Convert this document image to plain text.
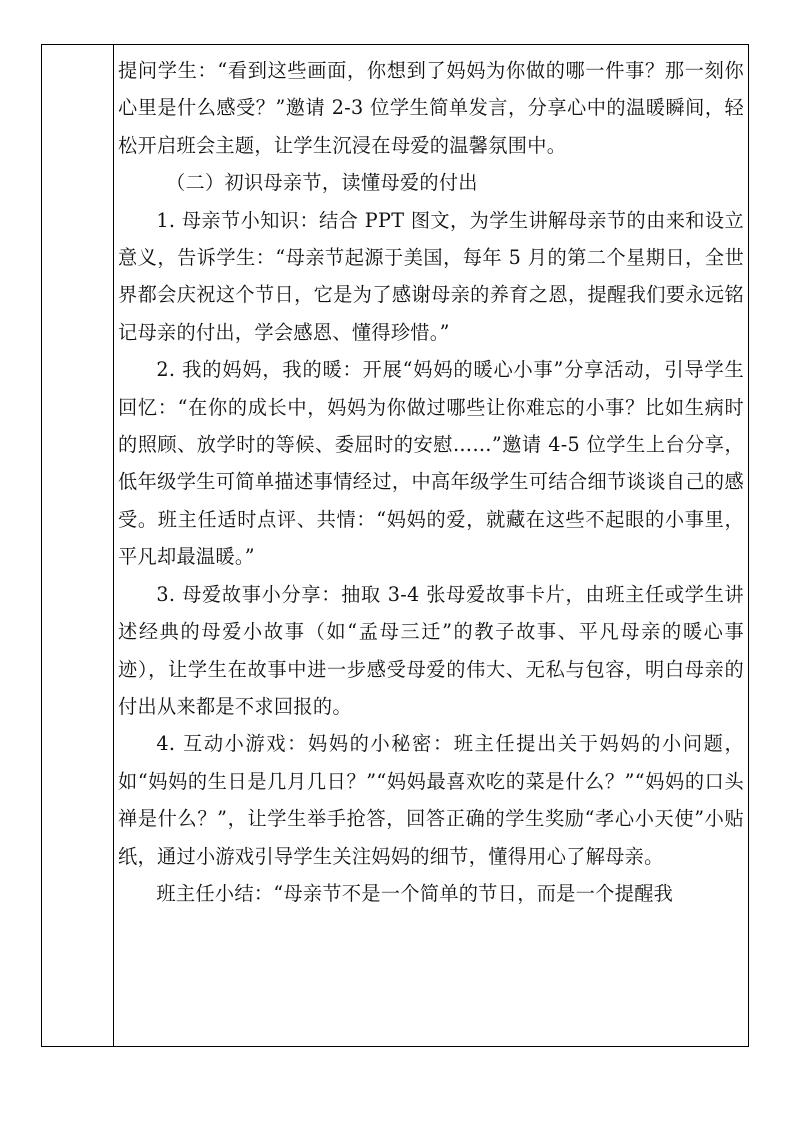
提问学生：“看到这些画面，你想到了妈妈为你做的哪一件事？那一刻你心里是什么感受？”邀请 2-3 位学生简单发言，分享心中的温暖瞬间，轻松开启班会主题，让学生沉浸在母爱的温馨氛围中。

（二）初识母亲节，读懂母爱的付出

1. 母亲节小知识：结合 PPT 图文，为学生讲解母亲节的由来和设立意义，告诉学生：“母亲节起源于美国，每年 5 月的第二个星期日，全世界都会庆祝这个节日，它是为了感谢母亲的养育之恩，提醒我们要永远铭记母亲的付出，学会感恩、懂得珍惜。”

2. 我的妈妈，我的暖：开展“妈妈的暖心小事”分享活动，引导学生回忆：“在你的成长中，妈妈为你做过哪些让你难忘的小事？比如生病时的照顾、放学时的等候、委屈时的安慰……”邀请 4-5 位学生上台分享，低年级学生可简单描述事情经过，中高年级学生可结合细节谈谈自己的感受。班主任适时点评、共情：“妈妈的爱，就藏在这些不起眼的小事里，平凡却最温暖。”

3. 母爱故事小分享：抽取 3-4 张母爱故事卡片，由班主任或学生讲述经典的母爱小故事（如“孟母三迁”的教子故事、平凡母亲的暖心事迹），让学生在故事中进一步感受母爱的伟大、无私与包容，明白母亲的付出从来都是不求回报的。

4. 互动小游戏：妈妈的小秘密：班主任提出关于妈妈的小问题，如“妈妈的生日是几月几日？”“妈妈最喜欢吃的菜是什么？”“妈妈的口头禅是什么？”，让学生举手抢答，回答正确的学生奖励“孝心小天使”小贴纸，通过小游戏引导学生关注妈妈的细节，懂得用心了解母亲。

班主任小结：“母亲节不是一个简单的节日，而是一个提醒我
